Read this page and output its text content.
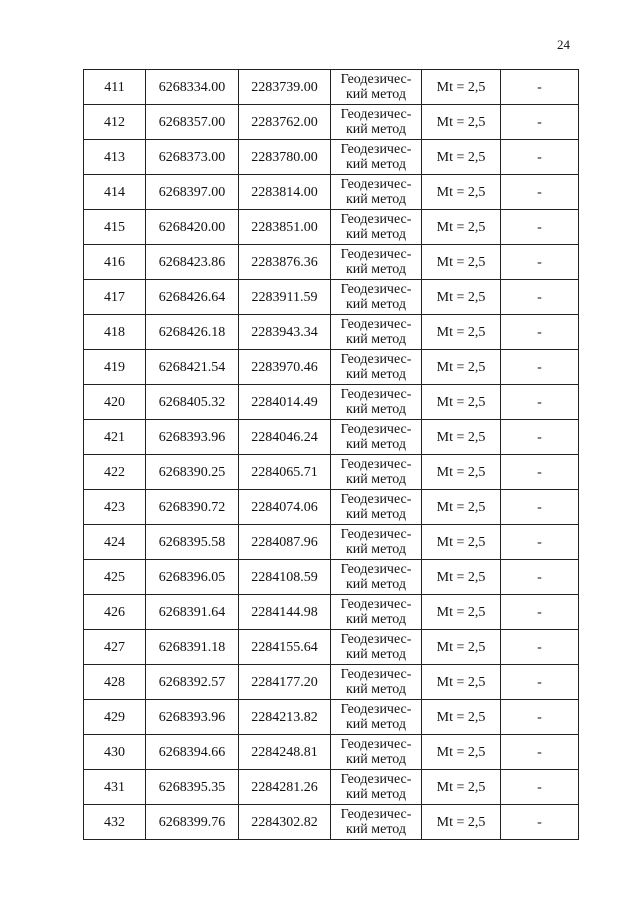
24
411	6268334.00	2283739.00	Геодезичес-
кий метод	Mt = 2,5	-
412	6268357.00	2283762.00	Геодезичес-
кий метод	Mt = 2,5	-
413	6268373.00	2283780.00	Геодезичес-
кий метод	Mt = 2,5	-
414	6268397.00	2283814.00	Геодезичес-
кий метод	Mt = 2,5	-
415	6268420.00	2283851.00	Геодезичес-
кий метод	Mt = 2,5	-
416	6268423.86	2283876.36	Геодезичес-
кий метод	Mt = 2,5	-
417	6268426.64	2283911.59	Геодезичес-
кий метод	Mt = 2,5	-
418	6268426.18	2283943.34	Геодезичес-
кий метод	Mt = 2,5	-
419	6268421.54	2283970.46	Геодезичес-
кий метод	Mt = 2,5	-
420	6268405.32	2284014.49	Геодезичес-
кий метод	Mt = 2,5	-
421	6268393.96	2284046.24	Геодезичес-
кий метод	Mt = 2,5	-
422	6268390.25	2284065.71	Геодезичес-
кий метод	Mt = 2,5	-
423	6268390.72	2284074.06	Геодезичес-
кий метод	Mt = 2,5	-
424	6268395.58	2284087.96	Геодезичес-
кий метод	Mt = 2,5	-
425	6268396.05	2284108.59	Геодезичес-
кий метод	Mt = 2,5	-
426	6268391.64	2284144.98	Геодезичес-
кий метод	Mt = 2,5	-
427	6268391.18	2284155.64	Геодезичес-
кий метод	Mt = 2,5	-
428	6268392.57	2284177.20	Геодезичес-
кий метод	Mt = 2,5	-
429	6268393.96	2284213.82	Геодезичес-
кий метод	Mt = 2,5	-
430	6268394.66	2284248.81	Геодезичес-
кий метод	Mt = 2,5	-
431	6268395.35	2284281.26	Геодезичес-
кий метод	Mt = 2,5	-
432	6268399.76	2284302.82	Геодезичес-
кий метод	Mt = 2,5	-
